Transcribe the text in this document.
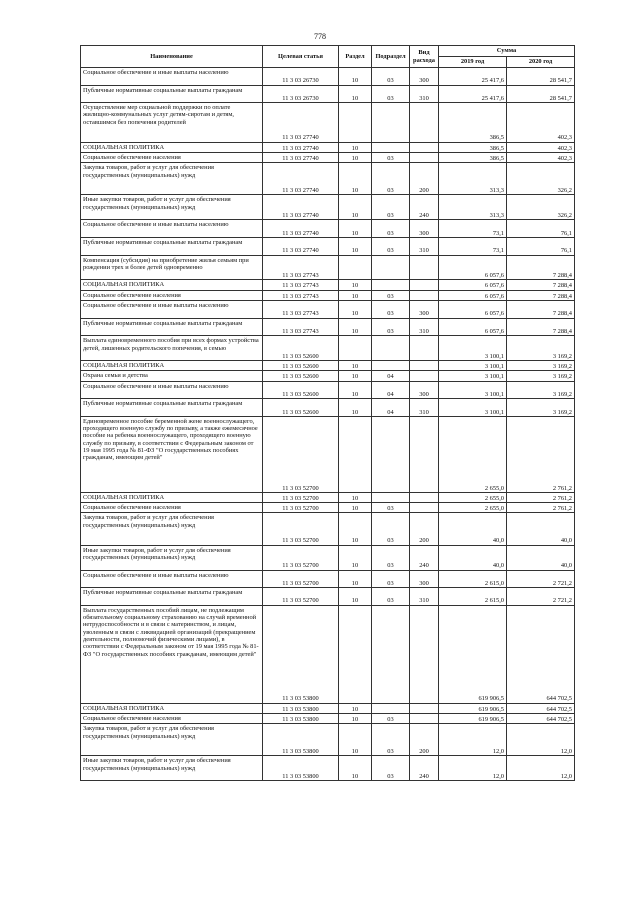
778
Наименование	Целевая статья	Раздел	Подраздел	Вид расхода	Сумма	
					2019 год	2020 год
Социальное обеспечение и иные выплаты населению	11 3 03 26730	10	03	300	25 417,6	28 541,7
Публичные нормативные социальные выплаты гражданам	11 3 03 26730	10	03	310	25 417,6	28 541,7
Осуществление мер социальной поддержки по оплате жилищно-коммунальных услуг детям-сиротам и детям, оставшимся без попечения родителей	11 3 03 27740				386,5	402,3
СОЦИАЛЬНАЯ ПОЛИТИКА	11 3 03 27740	10			386,5	402,3
Социальное обеспечение населения	11 3 03 27740	10	03		386,5	402,3
Закупка товаров, работ и услуг для обеспечения государственных (муниципальных) нужд	11 3 03 27740	10	03	200	313,3	326,2
Иные закупки товаров, работ и услуг для обеспечения государственных (муниципальных) нужд	11 3 03 27740	10	03	240	313,3	326,2
Социальное обеспечение и иные выплаты населению	11 3 03 27740	10	03	300	73,1	76,1
Публичные нормативные социальные выплаты гражданам	11 3 03 27740	10	03	310	73,1	76,1
Компенсация (субсидия) на приобретение жилья семьям при рождении трех и более детей одновременно	11 3 03 27743				6 057,6	7 288,4
СОЦИАЛЬНАЯ ПОЛИТИКА	11 3 03 27743	10			6 057,6	7 288,4
Социальное обеспечение населения	11 3 03 27743	10	03		6 057,6	7 288,4
Социальное обеспечение и иные выплаты населению	11 3 03 27743	10	03	300	6 057,6	7 288,4
Публичные нормативные социальные выплаты гражданам	11 3 03 27743	10	03	310	6 057,6	7 288,4
Выплата единовременного пособия при всех формах устройства детей, лишенных родительского попечения, в семью	11 3 03 52600				3 100,1	3 169,2
СОЦИАЛЬНАЯ ПОЛИТИКА	11 3 03 52600	10			3 100,1	3 169,2
Охрана семьи и детства	11 3 03 52600	10	04		3 100,1	3 169,2
Социальное обеспечение и иные выплаты населению	11 3 03 52600	10	04	300	3 100,1	3 169,2
Публичные нормативные социальные выплаты гражданам	11 3 03 52600	10	04	310	3 100,1	3 169,2
Единовременное пособие беременной жене военнослужащего, проходящего военную службу по призыву, а также ежемесячное пособие на ребенка военнослужащего, проходящего военную службу по призыву, в соответствии с Федеральным законом от 19 мая 1995 года № 81-ФЗ "О государственных пособиях гражданам, имеющим детей"	11 3 03 52700				2 655,0	2 761,2
СОЦИАЛЬНАЯ ПОЛИТИКА	11 3 03 52700	10			2 655,0	2 761,2
Социальное обеспечение населения	11 3 03 52700	10	03		2 655,0	2 761,2
Закупка товаров, работ и услуг для обеспечения государственных (муниципальных) нужд	11 3 03 52700	10	03	200	40,0	40,0
Иные закупки товаров, работ и услуг для обеспечения государственных (муниципальных) нужд	11 3 03 52700	10	03	240	40,0	40,0
Социальное обеспечение и иные выплаты населению	11 3 03 52700	10	03	300	2 615,0	2 721,2
Публичные нормативные социальные выплаты гражданам	11 3 03 52700	10	03	310	2 615,0	2 721,2
Выплата государственных пособий лицам, не подлежащим обязательному социальному страхованию на случай временной нетрудоспособности и в связи с материнством, и лицам, уволенным в связи с ликвидацией организаций (прекращением деятельности, полномочий физическими лицами), в соответствии с Федеральным законом от 19 мая 1995 года № 81-ФЗ "О государственных пособиях гражданам, имеющим детей"	11 3 03 53800				619 906,5	644 702,5
СОЦИАЛЬНАЯ ПОЛИТИКА	11 3 03 53800	10			619 906,5	644 702,5
Социальное обеспечение населения	11 3 03 53800	10	03		619 906,5	644 702,5
Закупка товаров, работ и услуг для обеспечения государственных (муниципальных) нужд	11 3 03 53800	10	03	200	12,0	12,0
Иные закупки товаров, работ и услуг для обеспечения государственных (муниципальных) нужд	11 3 03 53800	10	03	240	12,0	12,0
